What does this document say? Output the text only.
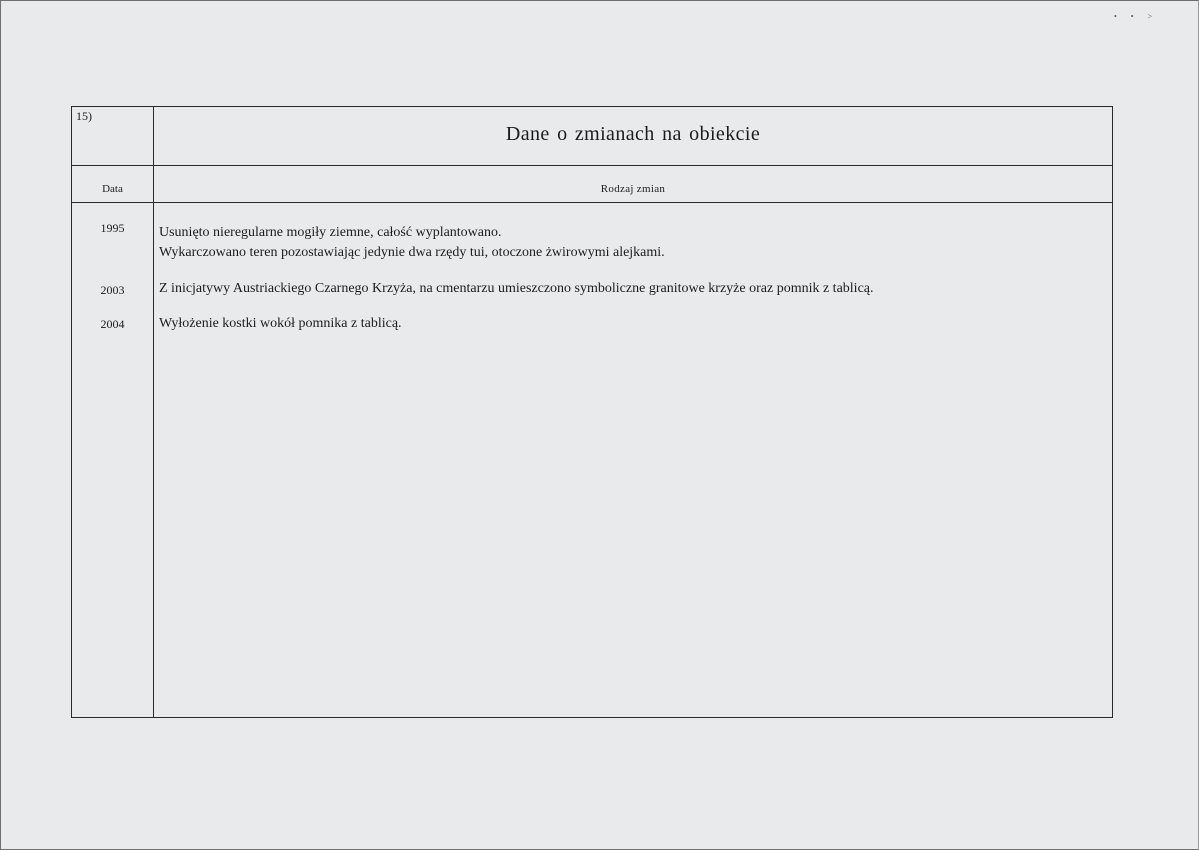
• • ˃
15)
Dane o zmianach na obiekcie
Data	Rodzaj zmian
1995	Usunięto nieregularne mogiły ziemne, całość wyplantowano.
Wykarczowano teren pozostawiając jedynie dwa rzędy tui, otoczone żwirowymi alejkami.
2003	Z inicjatywy Austriackiego Czarnego Krzyża, na cmentarzu umieszczono symboliczne granitowe krzyże oraz pomnik z tablicą.
2004	Wyłożenie kostki wokół pomnika z tablicą.
